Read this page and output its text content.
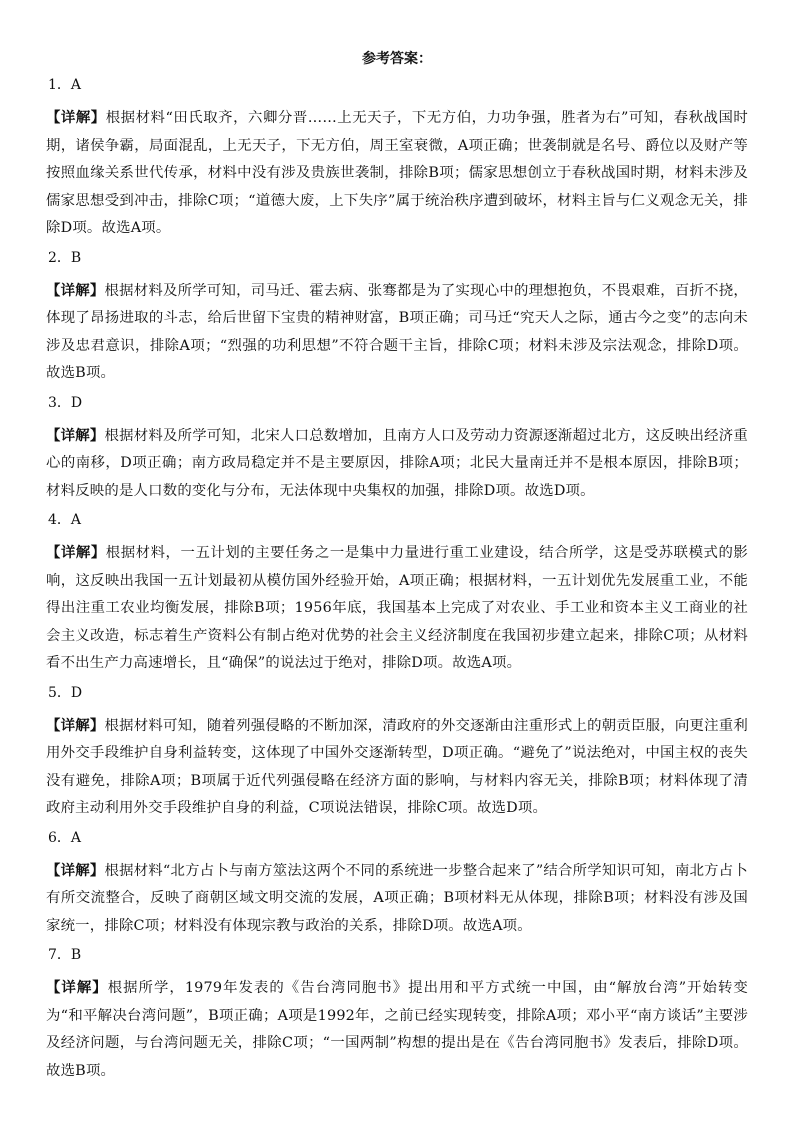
参考答案：
1．A

【详解】根据材料“田氏取齐，六卿分晋……上无天子，下无方伯，力功争强，胜者为右”可知，春秋战国时期，诸侯争霸，局面混乱，上无天子，下无方伯，周王室衰微，A项正确；世袭制就是名号、爵位以及财产等按照血缘关系世代传承，材料中没有涉及贵族世袭制，排除B项；儒家思想创立于春秋战国时期，材料未涉及儒家思想受到冲击，排除C项；“道德大废，上下失序”属于统治秩序遭到破坏，材料主旨与仁义观念无关，排除D项。故选A项。

2．B

【详解】根据材料及所学可知，司马迁、霍去病、张骞都是为了实现心中的理想抱负，不畏艰难，百折不挠，体现了昂扬进取的斗志，给后世留下宝贵的精神财富，B项正确；司马迁“究天人之际，通古今之变”的志向未涉及忠君意识，排除A项；“烈强的功利思想”不符合题干主旨，排除C项；材料未涉及宗法观念，排除D项。故选B项。

3．D

【详解】根据材料及所学可知，北宋人口总数增加，且南方人口及劳动力资源逐渐超过北方，这反映出经济重心的南移，D项正确；南方政局稳定并不是主要原因，排除A项；北民大量南迁并不是根本原因，排除B项；材料反映的是人口数的变化与分布，无法体现中央集权的加强，排除D项。故选D项。

4．A

【详解】根据材料，一五计划的主要任务之一是集中力量进行重工业建设，结合所学，这是受苏联模式的影响，这反映出我国一五计划最初从模仿国外经验开始，A项正确；根据材料，一五计划优先发展重工业，不能得出注重工农业均衡发展，排除B项；1956年底，我国基本上完成了对农业、手工业和资本主义工商业的社会主义改造，标志着生产资料公有制占绝对优势的社会主义经济制度在我国初步建立起来，排除C项；从材料看不出生产力高速增长，且“确保”的说法过于绝对，排除D项。故选A项。

5．D

【详解】根据材料可知，随着列强侵略的不断加深，清政府的外交逐渐由注重形式上的朝贡臣服，向更注重利用外交手段维护自身利益转变，这体现了中国外交逐渐转型，D项正确。“避免了”说法绝对，中国主权的丧失没有避免，排除A项；B项属于近代列强侵略在经济方面的影响，与材料内容无关，排除B项；材料体现了清政府主动利用外交手段维护自身的利益，C项说法错误，排除C项。故选D项。

6．A

【详解】根据材料“北方占卜与南方筮法这两个不同的系统进一步整合起来了”结合所学知识可知，南北方占卜有所交流整合，反映了商朝区域文明交流的发展，A项正确；B项材料无从体现，排除B项；材料没有涉及国家统一，排除C项；材料没有体现宗教与政治的关系，排除D项。故选A项。

7．B

【详解】根据所学，1979年发表的《告台湾同胞书》提出用和平方式统一中国，由“解放台湾”开始转变为“和平解决台湾问题”，B项正确；A项是1992年，之前已经实现转变，排除A项；邓小平“南方谈话”主要涉及经济问题，与台湾问题无关，排除C项；“一国两制”构想的提出是在《告台湾同胞书》发表后，排除D项。故选B项。
